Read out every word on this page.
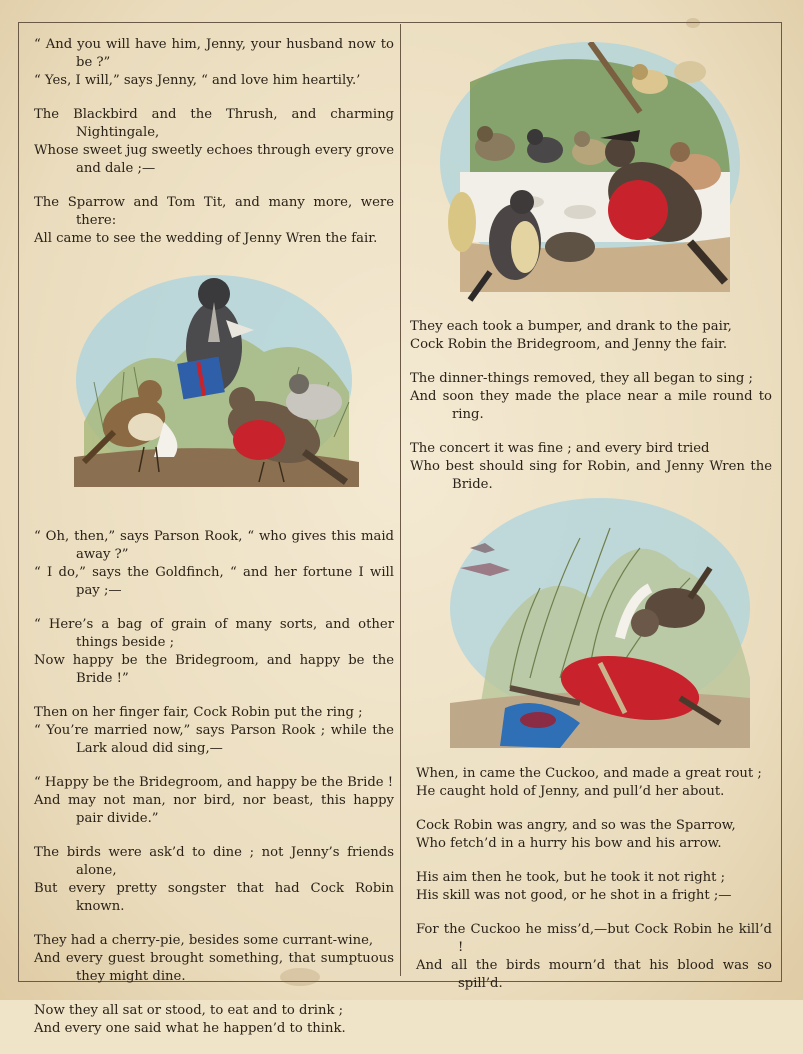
“ And you will have him, Jenny, your husband now to be ?”
“ Yes, I will,” says Jenny, “ and love him heartily.’
The Blackbird and the Thrush, and charming Nightingale,
Whose sweet jug sweetly echoes through every grove and dale ;—
The Sparrow and Tom Tit, and many more, were there:
All came to see the wedding of Jenny Wren the fair.
“ Oh, then,” says Parson Rook, “ who gives this maid away ?”
“ I do,” says the Goldfinch, “ and her fortune I will pay ;—
“ Here’s a bag of grain of many sorts, and other things beside ;
Now happy be the Bridegroom, and happy be the Bride !”
Then on her finger fair, Cock Robin put the ring ;
“ You’re married now,” says Parson Rook ; while the Lark aloud did sing,—
“ Happy be the Bridegroom, and happy be the Bride !
And may not man, nor bird, nor beast, this happy pair divide.”
The birds were ask’d to dine ; not Jenny’s friends alone,
But every pretty songster that had Cock Robin known.
They had a cherry-pie, besides some currant-wine,
And every guest brought something, that sumptuous they might dine.
Now they all sat or stood, to eat and to drink ;
And every one said what he happen’d to think.
They each took a bumper, and drank to the pair,
Cock Robin the Bridegroom, and Jenny the fair.
The dinner-things removed, they all began to sing ;
And soon they made the place near a mile round to ring.
The concert it was fine ; and every bird tried
Who best should sing for Robin, and Jenny Wren the Bride.
When, in came the Cuckoo, and made a great rout ;
He caught hold of Jenny, and pull’d her about.
Cock Robin was angry, and so was the Sparrow,
Who fetch’d in a hurry his bow and his arrow.
His aim then he took, but he took it not right ;
His skill was not good, or he shot in a fright ;—
For the Cuckoo he miss’d,—but Cock Robin he kill’d !
And all the birds mourn’d that his blood was so spill’d.
